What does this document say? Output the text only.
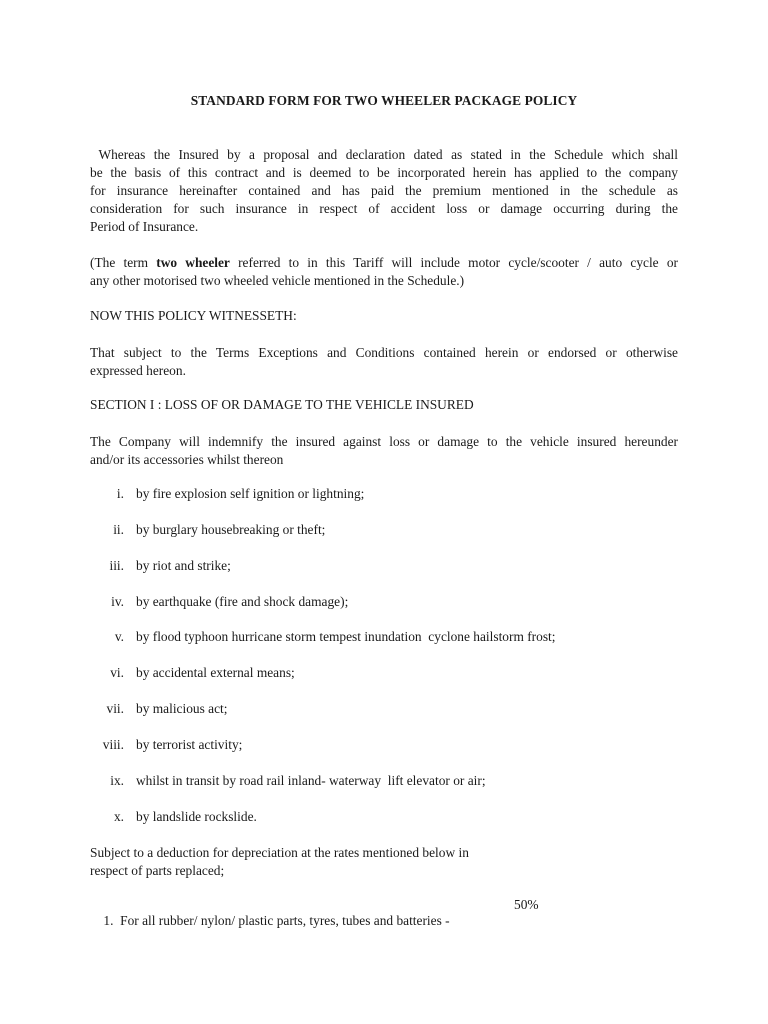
STANDARD FORM FOR TWO WHEELER PACKAGE POLICY
Whereas the Insured by a proposal and declaration dated as stated in the Schedule which shall
be the basis of this contract and is deemed to be incorporated herein has applied to the company
for insurance hereinafter contained and has paid the premium mentioned in the schedule as
consideration for such insurance in respect of accident loss or damage occurring during the
Period of Insurance.
(The term two wheeler referred to in this Tariff will include motor cycle/scooter / auto cycle or
any other motorised two wheeled vehicle mentioned in the Schedule.)
NOW THIS POLICY WITNESSETH:
That subject to the Terms Exceptions and Conditions contained herein or endorsed or otherwise
expressed hereon.
SECTION I : LOSS OF OR DAMAGE TO THE VEHICLE INSURED
The Company will indemnify the insured against loss or damage to the vehicle insured hereunder
and/or its accessories whilst thereon
i. by fire explosion self ignition or lightning;
ii. by burglary housebreaking or theft;
iii. by riot and strike;
iv. by earthquake (fire and shock damage);
v. by flood typhoon hurricane storm tempest inundation  cyclone hailstorm frost;
vi. by accidental external means;
vii. by malicious act;
viii. by terrorist activity;
ix. whilst in transit by road rail inland- waterway  lift elevator or air;
x. by landslide rockslide.
Subject to a deduction for depreciation at the rates mentioned below in
respect of parts replaced;

1.  For all rubber/ nylon/ plastic parts, tyres, tubes and batteries -

50%
